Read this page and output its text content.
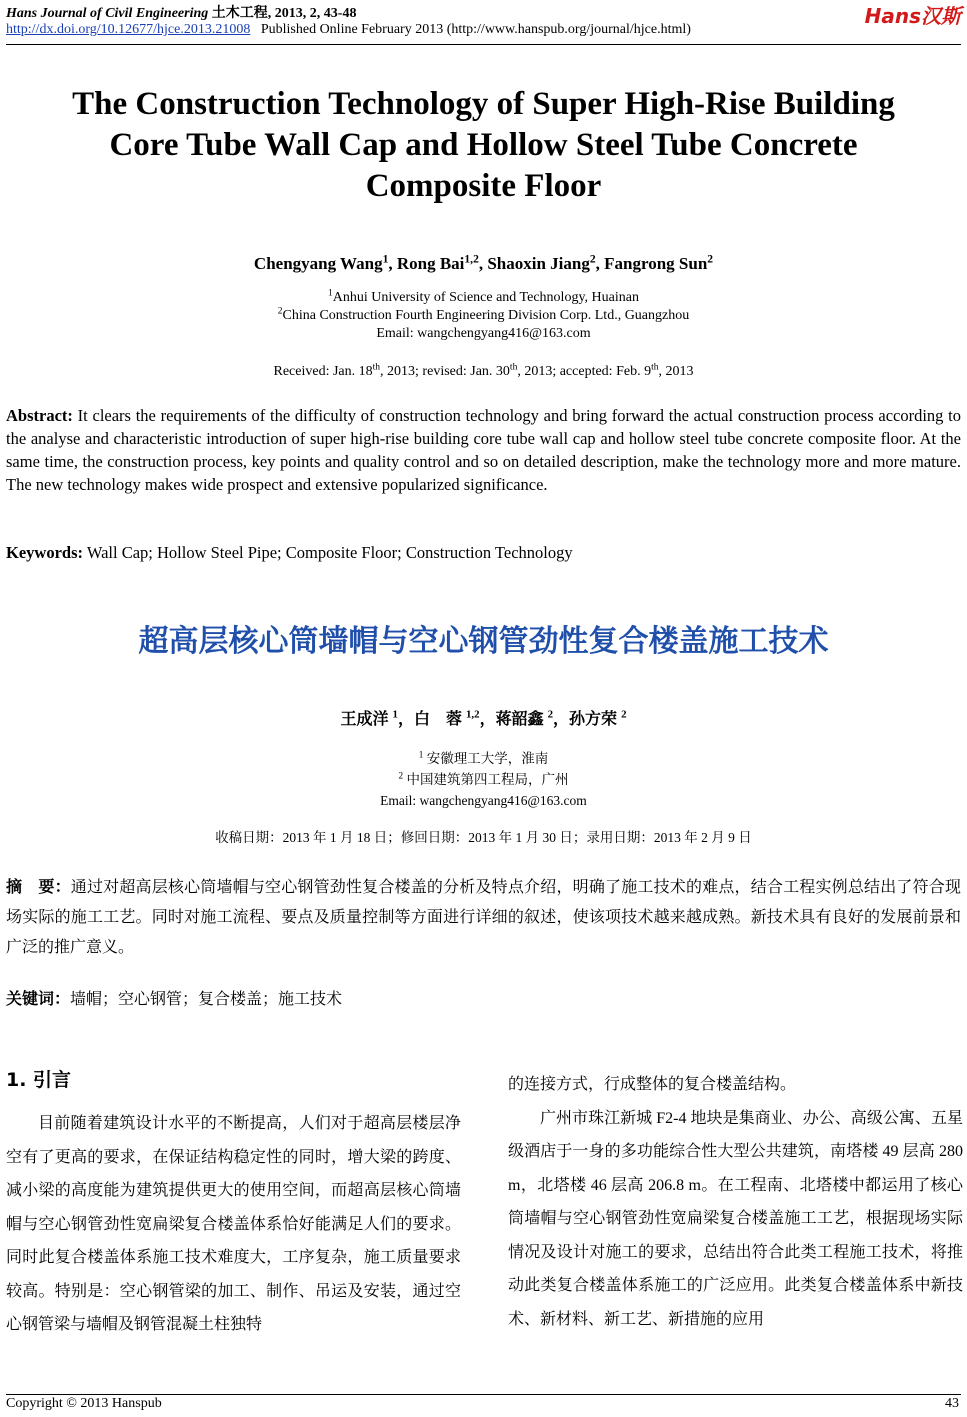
Hans Journal of Civil Engineering 土木工程, 2013, 2, 43-48	Hans汉斯
http://dx.doi.org/10.12677/hjce.2013.21008 Published Online February 2013 (http://www.hanspub.org/journal/hjce.html)
The Construction Technology of Super High-Rise Building
Core Tube Wall Cap and Hollow Steel Tube Concrete
Composite Floor
Chengyang Wang$^1$, Rong Bai$^{1,2}$, Shaoxin Jiang$^2$, Fangrong Sun$^2$
$^1$Anhui University of Science and Technology, Huainan
$^2$China Construction Fourth Engineering Division Corp. Ltd., Guangzhou
Email: wangchengyang416@163.com
Received: Jan. 18th, 2013; revised: Jan. 30th, 2013; accepted: Feb. 9th, 2013
Abstract: It clears the requirements of the difficulty of construction technology and bring forward the actual construction process according to the analyse and characteristic introduction of super high-rise building core tube wall cap and hollow steel tube concrete composite floor. At the same time, the construction process, key points and quality control and so on detailed description, make the technology more and more mature. The new technology makes wide prospect and extensive popularized significance.
Keywords: Wall Cap; Hollow Steel Pipe; Composite Floor; Construction Technology
超高层核心筒墙帽与空心钢管劲性复合楼盖施工技术
王成洋 $^1$，白　蓉 $^{1,2}$，蒋韶鑫 $^2$，孙方荣 $^2$
$^1$ 安徽理工大学，淮南
$^2$ 中国建筑第四工程局，广州
Email: wangchengyang416@163.com
收稿日期：2013 年 1 月 18 日；修回日期：2013 年 1 月 30 日；录用日期：2013 年 2 月 9 日
摘　要：通过对超高层核心筒墙帽与空心钢管劲性复合楼盖的分析及特点介绍，明确了施工技术的难点，结合工程实例总结出了符合现场实际的施工工艺。同时对施工流程、要点及质量控制等方面进行详细的叙述，使该项技术越来越成熟。新技术具有良好的发展前景和广泛的推广意义。
关键词：墙帽；空心钢管；复合楼盖；施工技术
1. 引言
目前随着建筑设计水平的不断提高，人们对于超高层楼层净空有了更高的要求，在保证结构稳定性的同时，增大梁的跨度、减小梁的高度能为建筑提供更大的使用空间，而超高层核心筒墙帽与空心钢管劲性宽扁梁复合楼盖体系恰好能满足人们的要求。同时此复合楼盖体系施工技术难度大，工序复杂，施工质量要求较高。特别是：空心钢管梁的加工、制作、吊运及安装，通过空心钢管梁与墙帽及钢管混凝土柱独特

的连接方式，行成整体的复合楼盖结构。

广州市珠江新城 F2-4 地块是集商业、办公、高级公寓、五星级酒店于一身的多功能综合性大型公共建筑，南塔楼 49 层高 280 m，北塔楼 46 层高 206.8 m。在工程南、北塔楼中都运用了核心筒墙帽与空心钢管劲性宽扁梁复合楼盖施工工艺，根据现场实际情况及设计对施工的要求，总结出符合此类工程施工技术，将推动此类复合楼盖体系施工的广泛应用。此类复合楼盖体系中新技术、新材料、新工艺、新措施的应用

Copyright © 2013 Hanspub	43
